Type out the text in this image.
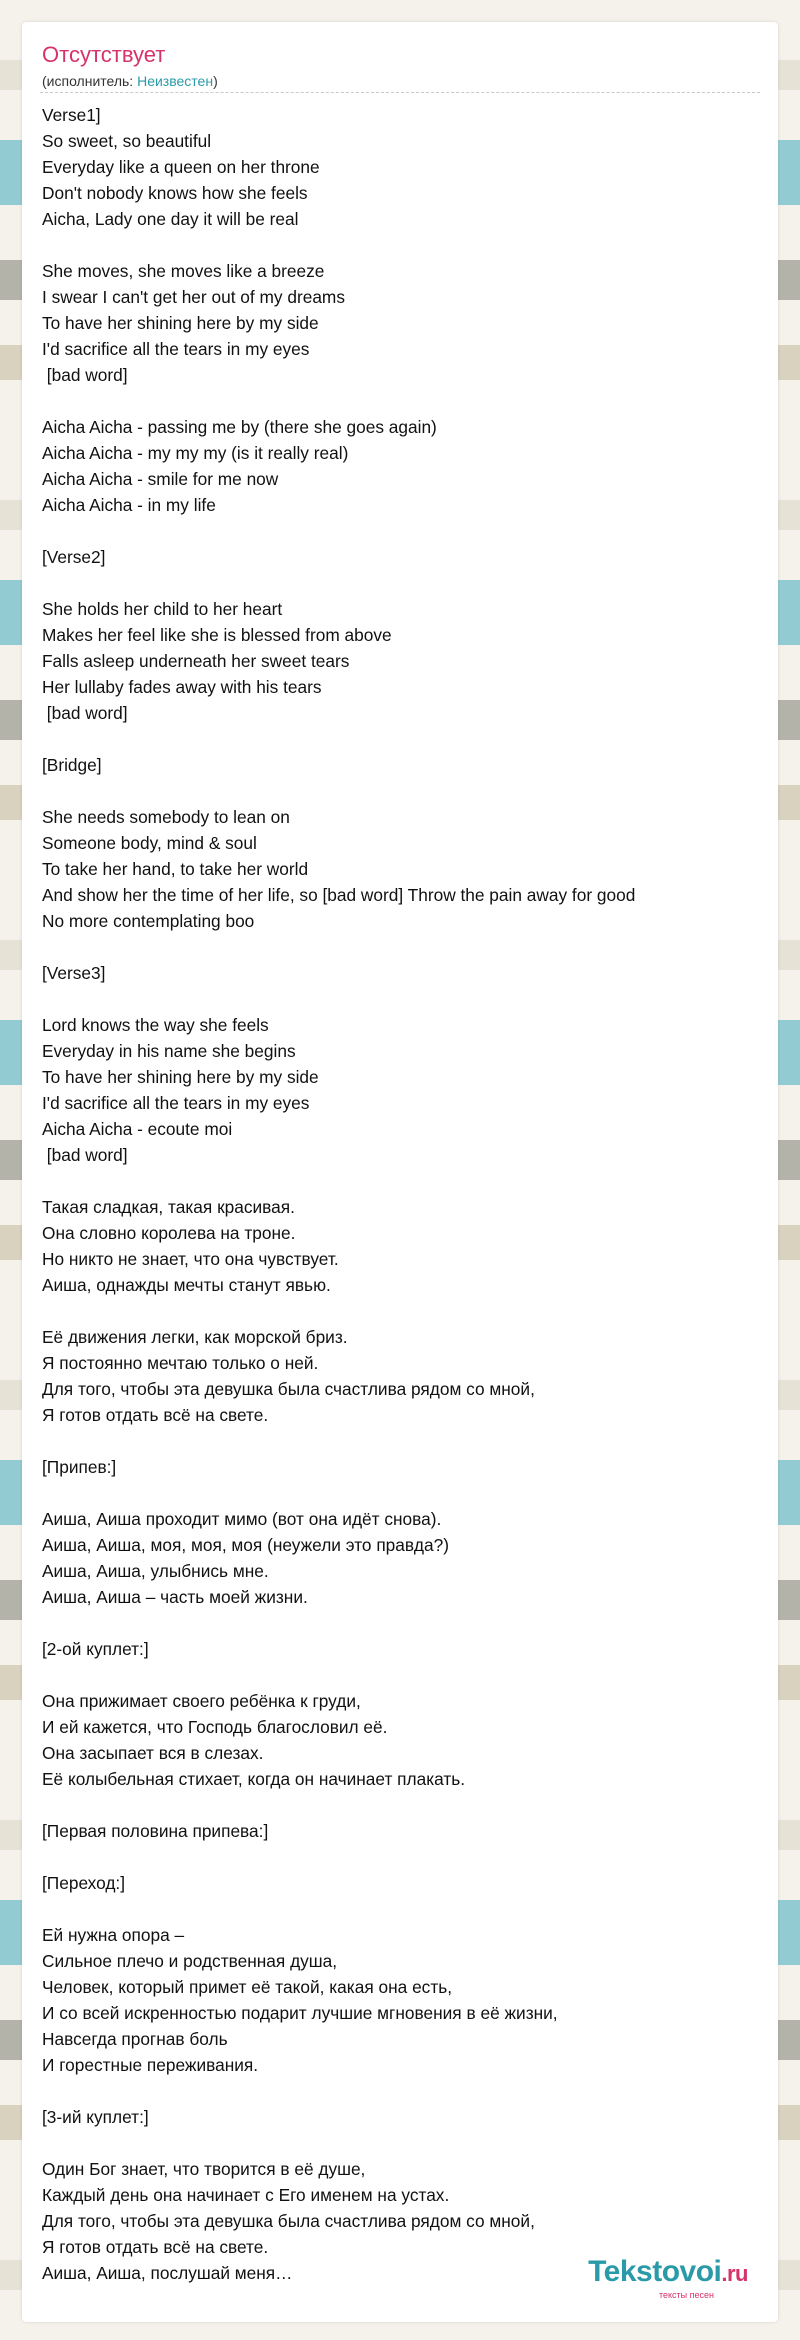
Отсутствует
(исполнитель: Неизвестен)
Verse1]
So sweet, so beautiful
Everyday like a queen on her throne
Don't nobody knows how she feels
Aicha, Lady one day it will be real
She moves, she moves like a breeze
I swear I can't get her out of my dreams
To have her shining here by my side
I'd sacrifice all the tears in my eyes
[bad word]
Aicha Aicha - passing me by (there she goes again)
Aicha Aicha - my my my (is it really real)
Aicha Aicha - smile for me now
Aicha Aicha - in my life
[Verse2]
She holds her child to her heart
Makes her feel like she is blessed from above
Falls asleep underneath her sweet tears
Her lullaby fades away with his tears
[bad word]
[Bridge]
She needs somebody to lean on
Someone body, mind & soul
To take her hand, to take her world
And show her the time of her life, so [bad word] Throw the pain away for good
No more contemplating boo
[Verse3]
Lord knows the way she feels
Everyday in his name she begins
To have her shining here by my side
I'd sacrifice all the tears in my eyes
Aicha Aicha - ecoute moi
[bad word]
Такая сладкая, такая красивая.
Она словно королева на троне.
Но никто не знает, что она чувствует.
Аиша, однажды мечты станут явью.
Её движения легки, как морской бриз.
Я постоянно мечтаю только о ней.
Для того, чтобы эта девушка была счастлива рядом со мной,
Я готов отдать всё на свете.
[Припев:]
Аиша, Аиша проходит мимо (вот она идёт снова).
Аиша, Аиша, моя, моя, моя (неужели это правда?)
Аиша, Аиша, улыбнись мне.
Аиша, Аиша – часть моей жизни.
[2-ой куплет:]
Она прижимает своего ребёнка к груди,
И ей кажется, что Господь благословил её.
Она засыпает вся в слезах.
Её колыбельная стихает, когда он начинает плакать.
[Первая половина припева:]
[Переход:]
Ей нужна опора –
Сильное плечо и родственная душа,
Человек, который примет её такой, какая она есть,
И со всей искренностью подарит лучшие мгновения в её жизни,
Навсегда прогнав боль
И горестные переживания.
[3-ий куплет:]
Один Бог знает, что творится в её душе,
Каждый день она начинает с Его именем на устах.
Для того, чтобы эта девушка была счастлива рядом со мной,
Я готов отдать всё на свете.
Аиша, Аиша, послушай меня…	Tekstovoi.ru
тексты песен
